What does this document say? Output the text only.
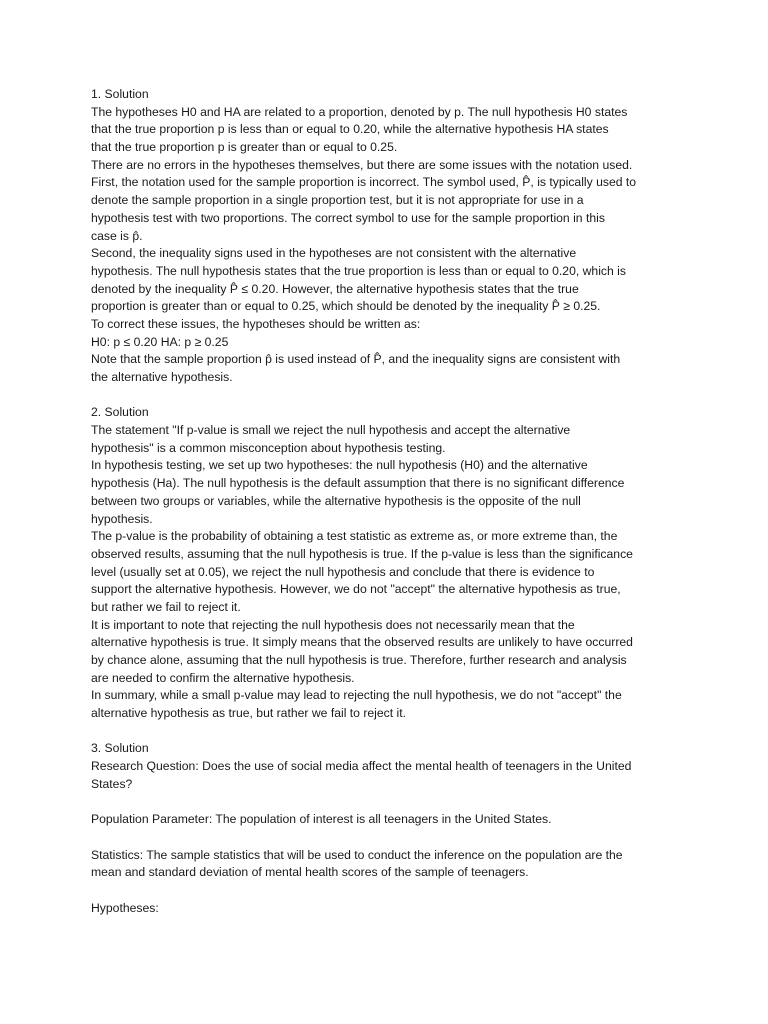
1. Solution
The hypotheses H0 and HA are related to a proportion, denoted by p. The null hypothesis H0 states
that the true proportion p is less than or equal to 0.20, while the alternative hypothesis HA states
that the true proportion p is greater than or equal to 0.25.
There are no errors in the hypotheses themselves, but there are some issues with the notation used.
First, the notation used for the sample proportion is incorrect. The symbol used, P̂, is typically used to
denote the sample proportion in a single proportion test, but it is not appropriate for use in a
hypothesis test with two proportions. The correct symbol to use for the sample proportion in this
case is p̂.
Second, the inequality signs used in the hypotheses are not consistent with the alternative
hypothesis. The null hypothesis states that the true proportion is less than or equal to 0.20, which is
denoted by the inequality P̂ ≤ 0.20. However, the alternative hypothesis states that the true
proportion is greater than or equal to 0.25, which should be denoted by the inequality P̂ ≥ 0.25.
To correct these issues, the hypotheses should be written as:
H0: p ≤ 0.20 HA: p ≥ 0.25
Note that the sample proportion p̂ is used instead of P̂, and the inequality signs are consistent with
the alternative hypothesis.
2. Solution
The statement "If p-value is small we reject the null hypothesis and accept the alternative
hypothesis" is a common misconception about hypothesis testing.
In hypothesis testing, we set up two hypotheses: the null hypothesis (H0) and the alternative
hypothesis (Ha). The null hypothesis is the default assumption that there is no significant difference
between two groups or variables, while the alternative hypothesis is the opposite of the null
hypothesis.
The p-value is the probability of obtaining a test statistic as extreme as, or more extreme than, the
observed results, assuming that the null hypothesis is true. If the p-value is less than the significance
level (usually set at 0.05), we reject the null hypothesis and conclude that there is evidence to
support the alternative hypothesis. However, we do not "accept" the alternative hypothesis as true,
but rather we fail to reject it.
It is important to note that rejecting the null hypothesis does not necessarily mean that the
alternative hypothesis is true. It simply means that the observed results are unlikely to have occurred
by chance alone, assuming that the null hypothesis is true. Therefore, further research and analysis
are needed to confirm the alternative hypothesis.
In summary, while a small p-value may lead to rejecting the null hypothesis, we do not "accept" the
alternative hypothesis as true, but rather we fail to reject it.
3. Solution
Research Question: Does the use of social media affect the mental health of teenagers in the United
States?
Population Parameter: The population of interest is all teenagers in the United States.
Statistics: The sample statistics that will be used to conduct the inference on the population are the
mean and standard deviation of mental health scores of the sample of teenagers.
Hypotheses:
